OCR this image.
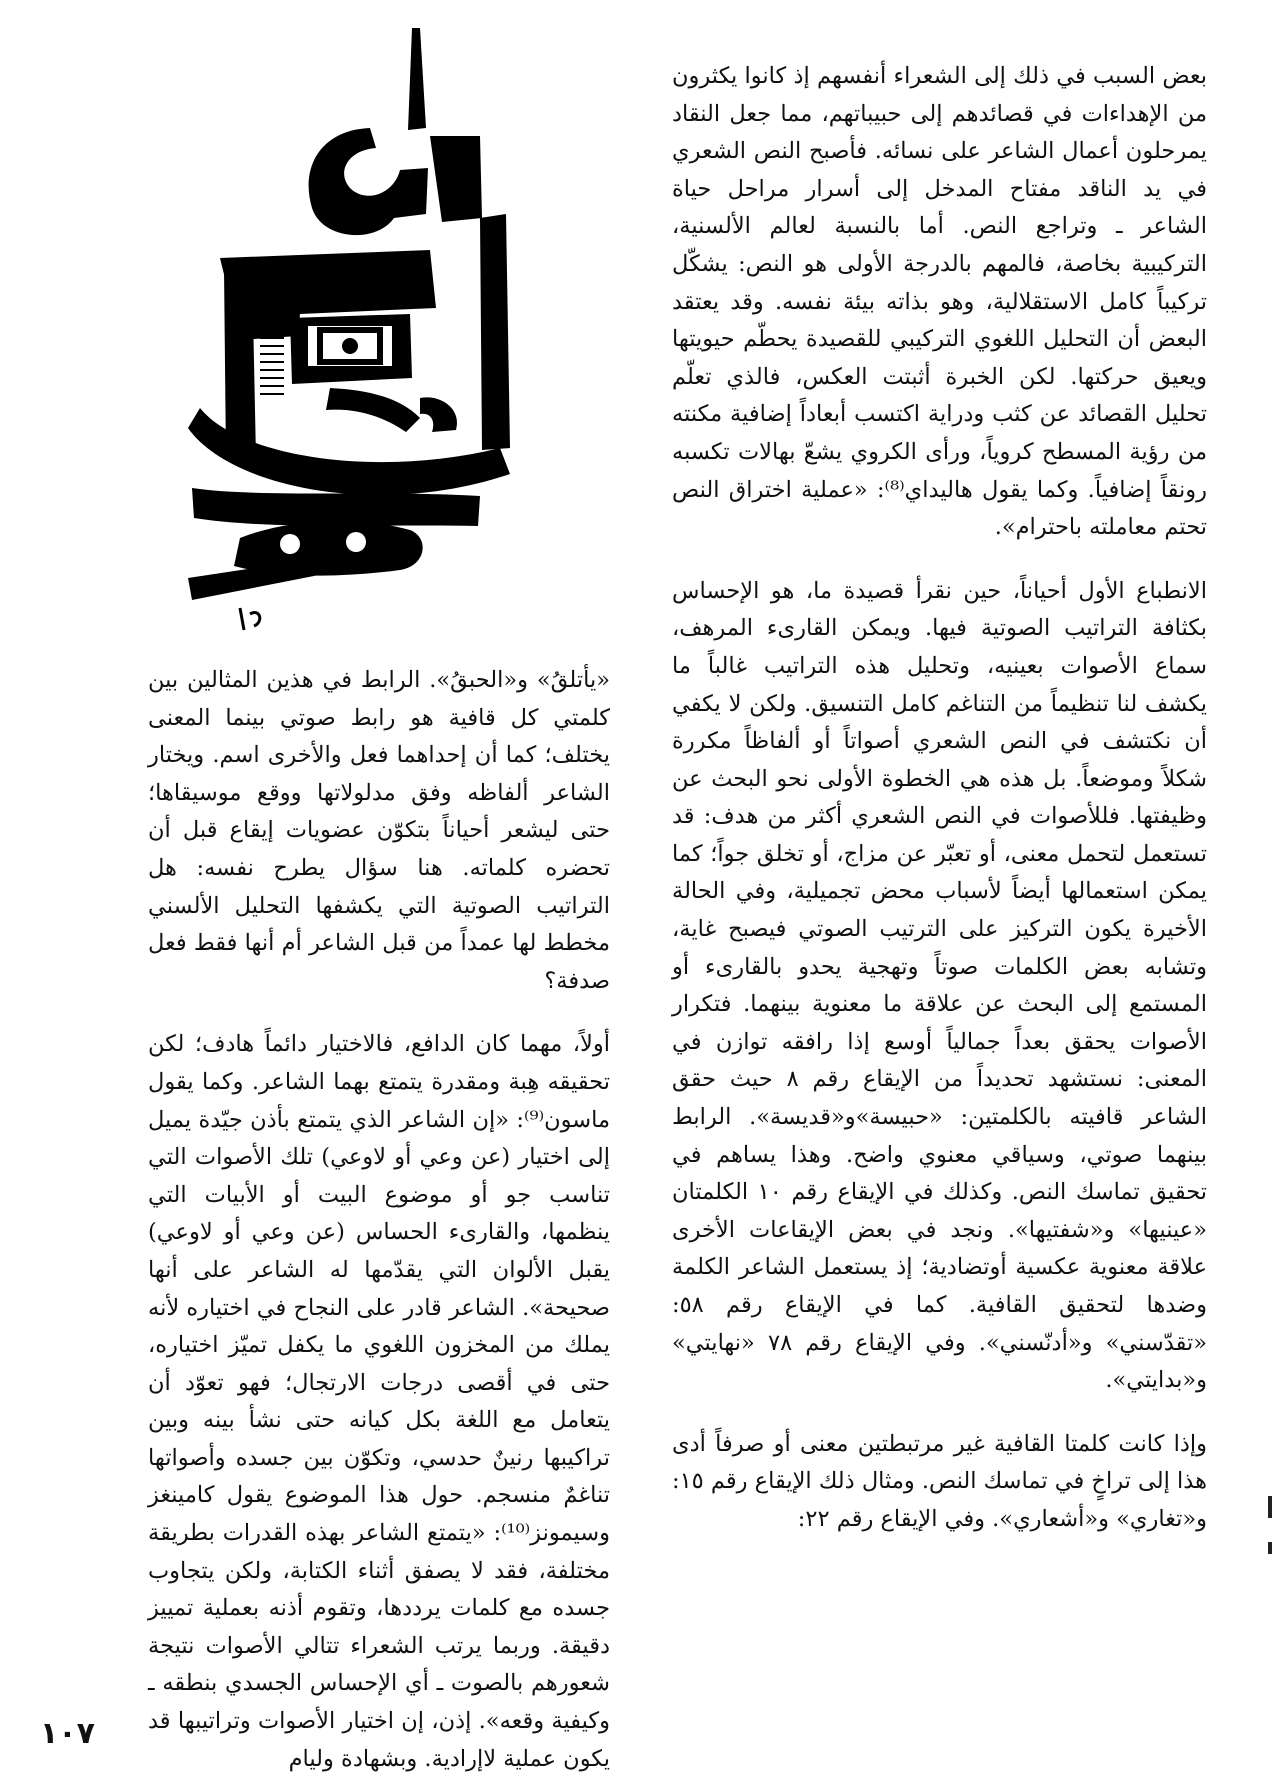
بعض السبب في ذلك إلى الشعراء أنفسهم إذ كانوا يكثرون من الإهداءات في قصائدهم إلى حبيباتهم، مما جعل النقاد يمرحلون أعمال الشاعر على نسائه. فأصبح النص الشعري في يد الناقد مفتاح المدخل إلى أسرار مراحل حياة الشاعر ـ وتراجع النص. أما بالنسبة لعالم الألسنية، التركيبية بخاصة، فالمهم بالدرجة الأولى هو النص: يشكّل تركيباً كامل الاستقلالية، وهو بذاته بيئة نفسه. وقد يعتقد البعض أن التحليل اللغوي التركيبي للقصيدة يحطّم حيويتها ويعيق حركتها. لكن الخبرة أثبتت العكس، فالذي تعلّم تحليل القصائد عن كثب ودراية اكتسب أبعاداً إضافية مكنته من رؤية المسطح كروياً، ورأى الكروي يشعّ بهالات تكسبه رونقاً إضافياً. وكما يقول هاليداي⁽⁸⁾: «عملية اختراق النص تحتم معاملته باحترام».

الانطباع الأول أحياناً، حين نقرأ قصيدة ما، هو الإحساس بكثافة التراتيب الصوتية فيها. ويمكن القارىء المرهف، سماع الأصوات بعينيه، وتحليل هذه التراتيب غالباً ما يكشف لنا تنظيماً من التناغم كامل التنسيق. ولكن لا يكفي أن نكتشف في النص الشعري أصواتاً أو ألفاظاً مكررة شكلاً وموضعاً. بل هذه هي الخطوة الأولى نحو البحث عن وظيفتها. فللأصوات في النص الشعري أكثر من هدف: قد تستعمل لتحمل معنى، أو تعبّر عن مزاج، أو تخلق جواً؛ كما يمكن استعمالها أيضاً لأسباب محض تجميلية، وفي الحالة الأخيرة يكون التركيز على الترتيب الصوتي فيصبح غاية، وتشابه بعض الكلمات صوتاً وتهجية يحدو بالقارىء أو المستمع إلى البحث عن علاقة ما معنوية بينهما. فتكرار الأصوات يحقق بعداً جمالياً أوسع إذا رافقه توازن في المعنى: نستشهد تحديداً من الإيقاع رقم ٨ حيث حقق الشاعر قافيته بالكلمتين: «حبيسة»و«قديسة». الرابط بينهما صوتي، وسياقي معنوي واضح. وهذا يساهم في تحقيق تماسك النص. وكذلك في الإيقاع رقم ١٠ الكلمتان «عينيها» و«شفتيها». ونجد في بعض الإيقاعات الأخرى علاقة معنوية عكسية أوتضادية؛ إذ يستعمل الشاعر الكلمة وضدها لتحقيق القافية. كما في الإيقاع رقم ٥٨: «تقدّسني» و«أدنّسني». وفي الإيقاع رقم ٧٨ «نهايتي» و«بدايتي».

وإذا كانت كلمتا القافية غير مرتبطتين معنى أو صرفاً أدى هذا إلى تراخٍ في تماسك النص. ومثال ذلك الإيقاع رقم ١٥: و«تغاري» و«أشعاري». وفي الإيقاع رقم ٢٢:

«يأتلقُ» و«الحبقُ». الرابط في هذين المثالين بين كلمتي كل قافية هو رابط صوتي بينما المعنى يختلف؛ كما أن إحداهما فعل والأخرى اسم. ويختار الشاعر ألفاظه وفق مدلولاتها ووقع موسيقاها؛ حتى ليشعر أحياناً بتكوّن عضويات إيقاع قبل أن تحضره كلماته. هنا سؤال يطرح نفسه: هل التراتيب الصوتية التي يكشفها التحليل الألسني مخطط لها عمداً من قبل الشاعر أم أنها فقط فعل صدفة؟

أولاً، مهما كان الدافع، فالاختيار دائماً هادف؛ لكن تحقيقه هِبة ومقدرة يتمتع بهما الشاعر. وكما يقول ماسون⁽⁹⁾: «إن الشاعر الذي يتمتع بأذن جيّدة يميل إلى اختيار (عن وعي أو لاوعي) تلك الأصوات التي تناسب جو أو موضوع البيت أو الأبيات التي ينظمها، والقارىء الحساس (عن وعي أو لاوعي) يقبل الألوان التي يقدّمها له الشاعر على أنها صحيحة». الشاعر قادر على النجاح في اختياره لأنه يملك من المخزون اللغوي ما يكفل تميّز اختياره، حتى في أقصى درجات الارتجال؛ فهو تعوّد أن يتعامل مع اللغة بكل كيانه حتى نشأ بينه وبين تراكيبها رنينٌ حدسي، وتكوّن بين جسده وأصواتها تناغمٌ منسجم. حول هذا الموضوع يقول كامينغز وسيمونز⁽¹⁰⁾: «يتمتع الشاعر بهذه القدرات بطريقة مختلفة، فقد لا يصفق أثناء الكتابة، ولكن يتجاوب جسده مع كلمات يرددها، وتقوم أذنه بعملية تمييز دقيقة. وربما يرتب الشعراء تتالي الأصوات نتيجة شعورهم بالصوت ـ أي الإحساس الجسدي بنطقه ـ وكيفية وقعه». إذن، إن اختيار الأصوات وتراتيبها قد يكون عملية لاإرادية. وبشهادة وليام

١٠٧
